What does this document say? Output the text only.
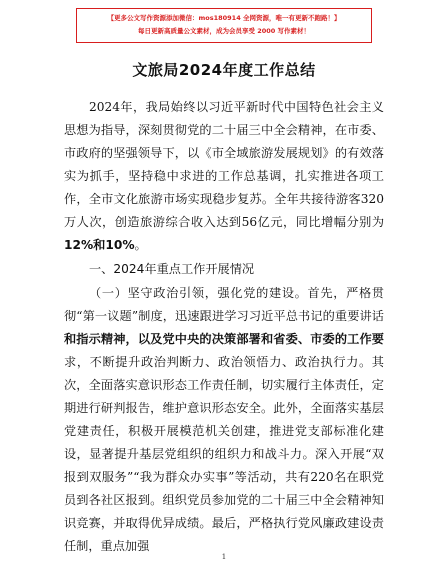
【更多公文写作资源添加微信：mos180914 全网资源，唯一有更新不跑路！】
每日更新高质量公文素材，成为会员享受 2000 写作素材！
文旅局2024年度工作总结

2024年，我局始终以习近平新时代中国特色社会主义思想为指导，深刻贯彻党的二十届三中全会精神，在市委、市政府的坚强领导下，以《市全域旅游发展规划》的有效落实为抓手，坚持稳中求进的工作总基调，扎实推进各项工作，全市文化旅游市场实现稳步复苏。全年共接待游客320万人次，创造旅游综合收入达到56亿元，同比增幅分别为12%和10%。

一、2024年重点工作开展情况

（一）坚守政治引领，强化党的建设。首先，严格贯彻“第一议题”制度，迅速跟进学习习近平总书记的重要讲话和指示精神，以及党中央的决策部署和省委、市委的工作要求，不断提升政治判断力、政治领悟力、政治执行力。其次，全面落实意识形态工作责任制，切实履行主体责任，定期进行研判报告，维护意识形态安全。此外，全面落实基层党建责任，积极开展模范机关创建，推进党支部标准化建设，显著提升基层党组织的组织力和战斗力。深入开展“双报到双服务”“我为群众办实事”等活动，共有220名在职党员到各社区报到。组织党员参加党的二十届三中全会精神知识竞赛，并取得优异成绩。最后，严格执行党风廉政建设责任制，重点加强

1
